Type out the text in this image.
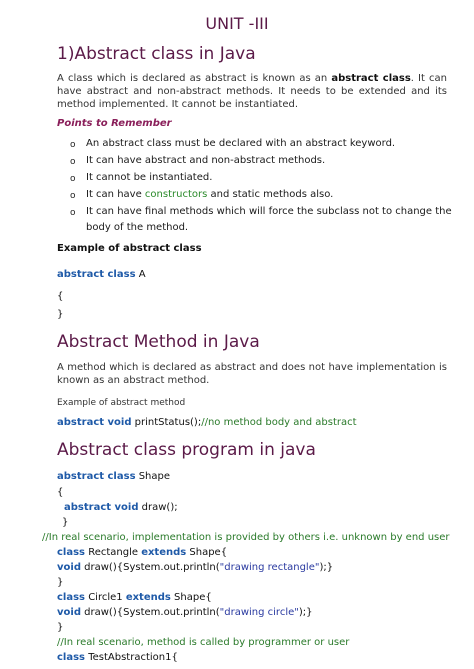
UNIT -III
1)Abstract class in Java
A class which is declared as abstract is known as an abstract class. It can have abstract and non-abstract methods. It needs to be extended and its method implemented. It cannot be instantiated.
Points to Remember
o An abstract class must be declared with an abstract keyword.
o It can have abstract and non-abstract methods.
o It cannot be instantiated.
o It can have constructors and static methods also.
o It can have final methods which will force the subclass not to change the
body of the method.
Example of abstract class
abstract class A
{
}
Abstract Method in Java
A method which is declared as abstract and does not have implementation is known as an abstract method.
Example of abstract method
abstract void printStatus();//no method body and abstract
Abstract class program in java
abstract class Shape
{
abstract void draw();
}
//In real scenario, implementation is provided by others i.e. unknown by end user
class Rectangle extends Shape{
void draw(){System.out.println("drawing rectangle");}
}
class Circle1 extends Shape{
void draw(){System.out.println("drawing circle");}
}
//In real scenario, method is called by programmer or user
class TestAbstraction1{
